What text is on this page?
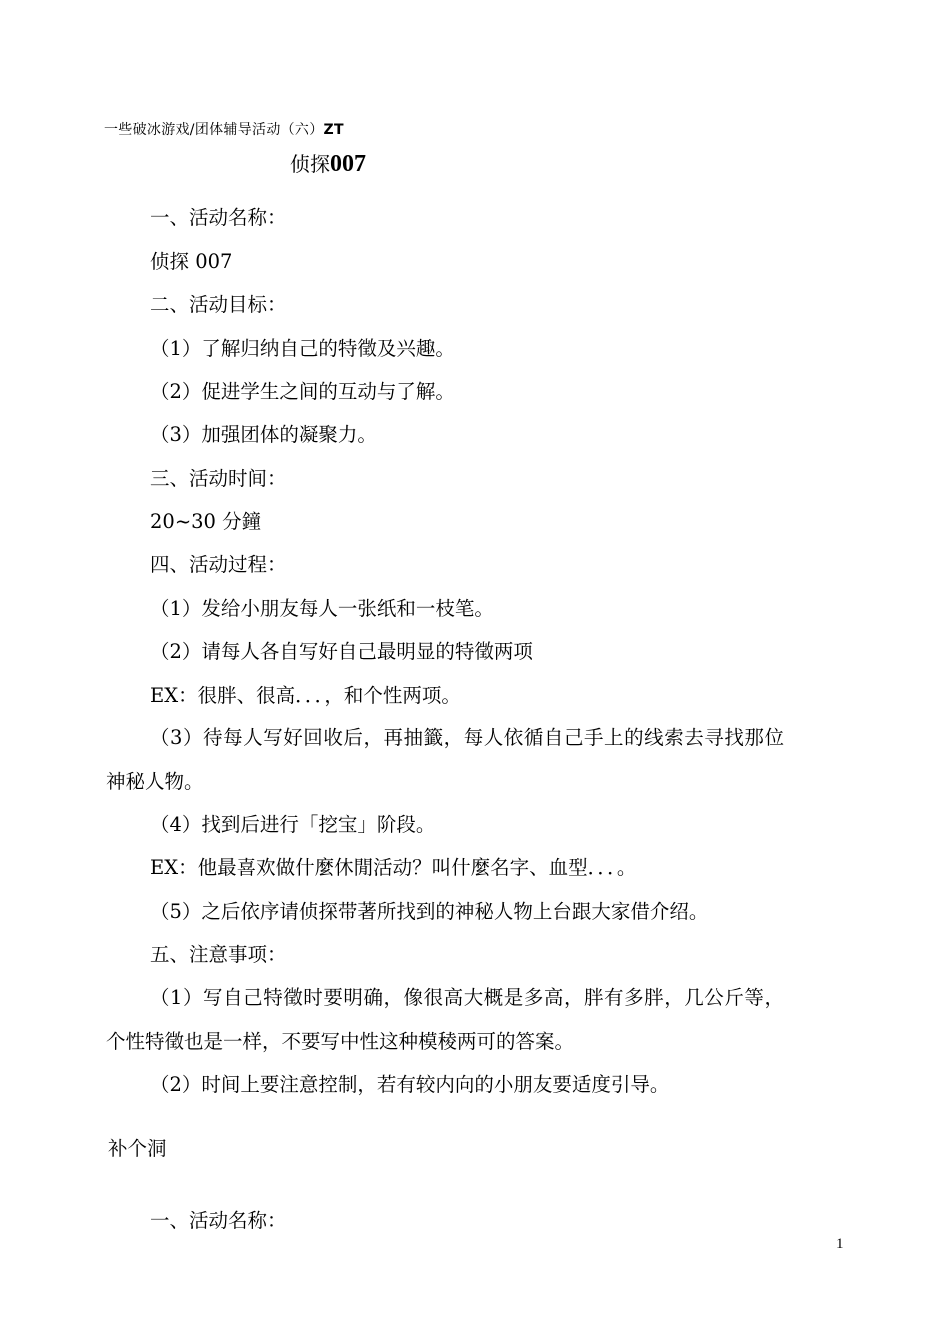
一些破冰游戏/团体辅导活动（六）ZT
侦探007
一、活动名称：
侦探 007
二、活动目标：
（1）了解归纳自己的特徵及兴趣。
（2）促进学生之间的互动与了解。
（3）加强团体的凝聚力。
三、活动时间：
20~30 分鐘
四、活动过程：
（1）发给小朋友每人一张纸和一枝笔。
（2）请每人各自写好自己最明显的特徵两项
EX：很胖、很高．．．，和个性两项。
（3）待每人写好回收后，再抽籤，每人依循自己手上的线索去寻找那位
神秘人物。
（4）找到后进行「挖宝」阶段。
EX：他最喜欢做什麼休閒活动？叫什麼名字、血型．．．。
（5）之后依序请侦探带著所找到的神秘人物上台跟大家借介绍。
五、注意事项：
（1）写自己特徵时要明确，像很高大概是多高，胖有多胖，几公斤等，
个性特徵也是一样，不要写中性这种模稜两可的答案。
（2）时间上要注意控制，若有较内向的小朋友要适度引导。
补个洞
一、活动名称：
1
